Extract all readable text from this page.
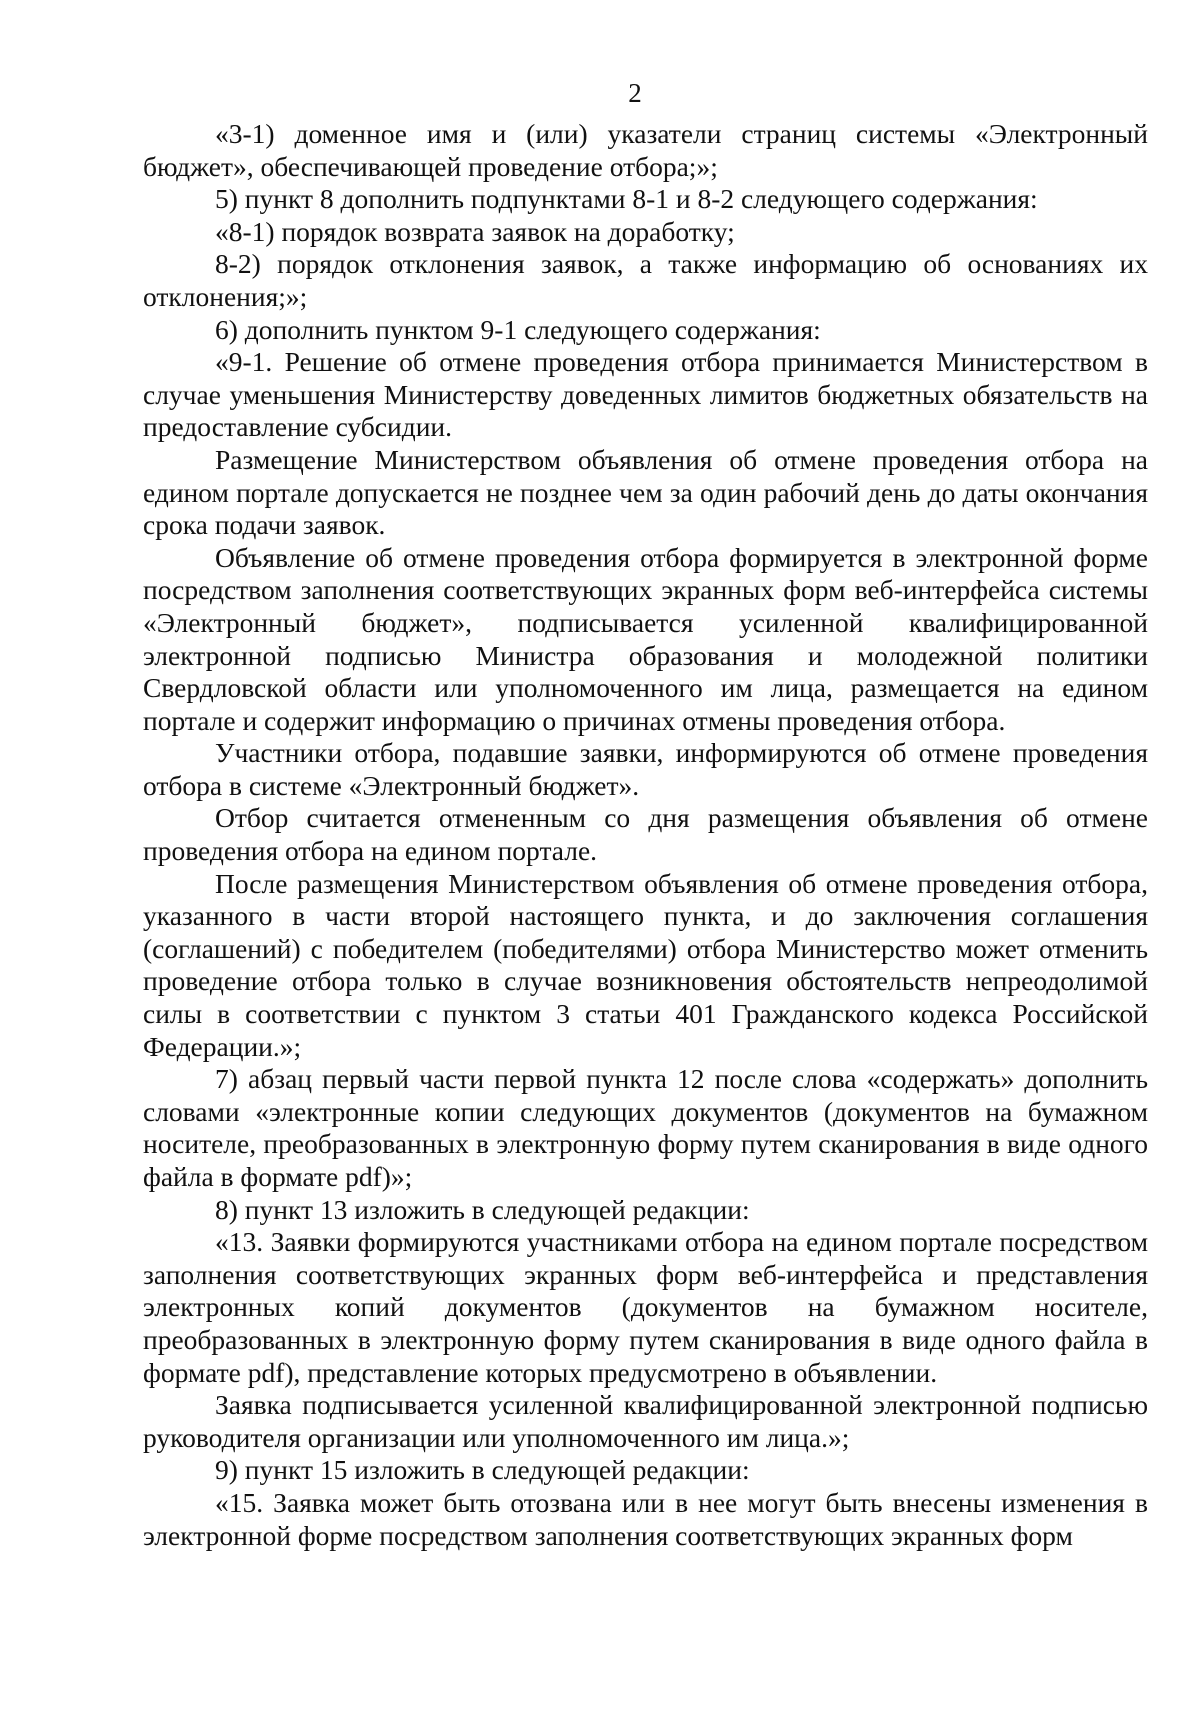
2

«3-1) доменное имя и (или) указатели страниц системы «Электронный бюджет», обеспечивающей проведение отбора;»;

5) пункт 8 дополнить подпунктами 8-1 и 8-2 следующего содержания:

«8-1) порядок возврата заявок на доработку;

8-2) порядок отклонения заявок, а также информацию об основаниях их отклонения;»;

6) дополнить пунктом 9-1 следующего содержания:

«9-1. Решение об отмене проведения отбора принимается Министерством в случае уменьшения Министерству доведенных лимитов бюджетных обязательств на предоставление субсидии.

Размещение Министерством объявления об отмене проведения отбора на едином портале допускается не позднее чем за один рабочий день до даты окончания срока подачи заявок.

Объявление об отмене проведения отбора формируется в электронной форме посредством заполнения соответствующих экранных форм веб-интерфейса системы «Электронный бюджет», подписывается усиленной квалифицированной электронной подписью Министра образования и молодежной политики Свердловской области или уполномоченного им лица, размещается на едином портале и содержит информацию о причинах отмены проведения отбора.

Участники отбора, подавшие заявки, информируются об отмене проведения отбора в системе «Электронный бюджет».

Отбор считается отмененным со дня размещения объявления об отмене проведения отбора на едином портале.

После размещения Министерством объявления об отмене проведения отбора, указанного в части второй настоящего пункта, и до заключения соглашения (соглашений) с победителем (победителями) отбора Министерство может отменить проведение отбора только в случае возникновения обстоятельств непреодолимой силы в соответствии с пунктом 3 статьи 401 Гражданского кодекса Российской Федерации.»;

7) абзац первый части первой пункта 12 после слова «содержать» дополнить словами «электронные копии следующих документов (документов на бумажном носителе, преобразованных в электронную форму путем сканирования в виде одного файла в формате pdf)»;

8) пункт 13 изложить в следующей редакции:

«13. Заявки формируются участниками отбора на едином портале посредством заполнения соответствующих экранных форм веб-интерфейса и представления электронных копий документов (документов на бумажном носителе, преобразованных в электронную форму путем сканирования в виде одного файла в формате pdf), представление которых предусмотрено в объявлении.

Заявка подписывается усиленной квалифицированной электронной подписью руководителя организации или уполномоченного им лица.»;

9) пункт 15 изложить в следующей редакции:

«15. Заявка может быть отозвана или в нее могут быть внесены изменения в электронной форме посредством заполнения соответствующих экранных форм
